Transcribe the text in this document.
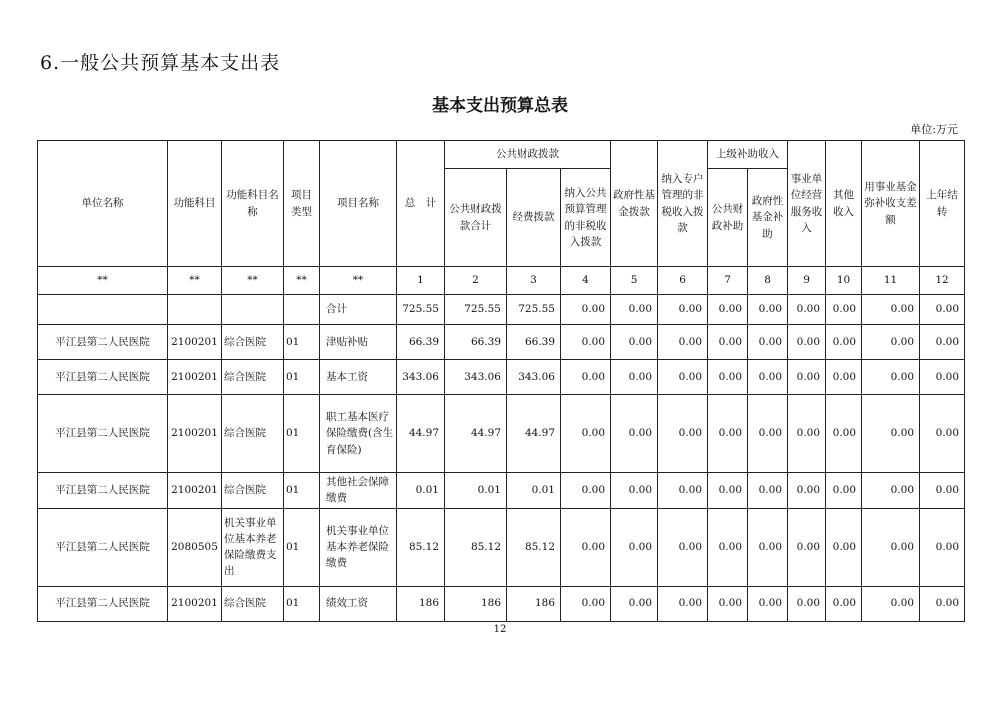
6.一般公共预算基本支出表
基本支出预算总表
单位:万元
单位名称	功能科目	功能科目名称	项目类型	项目名称	总　计	公共财政拨款			政府性基金拨款	纳入专户管理的非税收入拨款	上级补助收入		事业单位经营服务收入	其他收入	用事业基金弥补收支差额	上年结转
						公共财政拨款合计	经费拨款	纳入公共预算管理的非税收入拨款			公共财政补助	政府性基金补助				
**	**	**	**	**	1	2	3	4	5	6	7	8	9	10	11	12
				合计	725.55	725.55	725.55	0.00	0.00	0.00	0.00	0.00	0.00	0.00	0.00	0.00
平江县第二人民医院	2100201	综合医院	01	津贴补贴	66.39	66.39	66.39	0.00	0.00	0.00	0.00	0.00	0.00	0.00	0.00	0.00
平江县第二人民医院	2100201	综合医院	01	基本工资	343.06	343.06	343.06	0.00	0.00	0.00	0.00	0.00	0.00	0.00	0.00	0.00
平江县第二人民医院	2100201	综合医院	01	职工基本医疗保险缴费(含生育保险)	44.97	44.97	44.97	0.00	0.00	0.00	0.00	0.00	0.00	0.00	0.00	0.00
平江县第二人民医院	2100201	综合医院	01	其他社会保障缴费	0.01	0.01	0.01	0.00	0.00	0.00	0.00	0.00	0.00	0.00	0.00	0.00
平江县第二人民医院	2080505	机关事业单位基本养老保险缴费支出	01	机关事业单位基本养老保险缴费	85.12	85.12	85.12	0.00	0.00	0.00	0.00	0.00	0.00	0.00	0.00	0.00
平江县第二人民医院	2100201	综合医院	01	绩效工资	186	186	186	0.00	0.00	0.00	0.00	0.00	0.00	0.00	0.00	0.00
12
